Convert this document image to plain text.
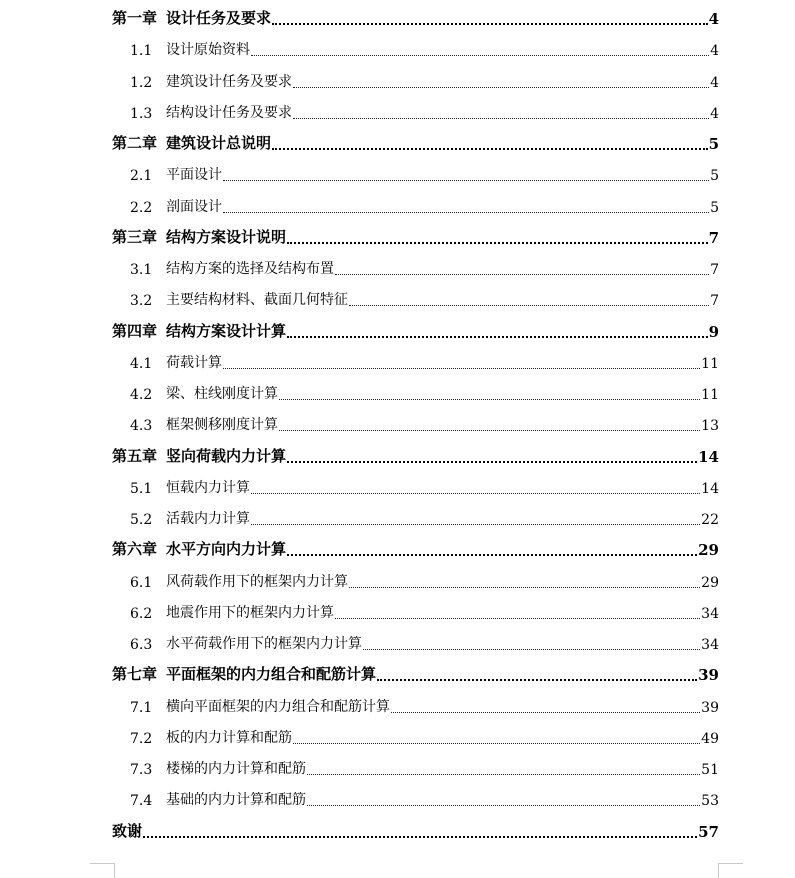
第一章 设计任务及要求	4
1.1 设计原始资料	4
1.2 建筑设计任务及要求	4
1.3 结构设计任务及要求	4
第二章 建筑设计总说明	5
2.1 平面设计	5
2.2 剖面设计	5
第三章 结构方案设计说明	7
3.1 结构方案的选择及结构布置	7
3.2 主要结构材料、截面几何特征	7
第四章 结构方案设计计算	9
4.1 荷载计算	11
4.2 梁、柱线刚度计算	11
4.3 框架侧移刚度计算	13
第五章 竖向荷载内力计算	14
5.1 恒载内力计算	14
5.2 活载内力计算	22
第六章 水平方向内力计算	29
6.1 风荷载作用下的框架内力计算	29
6.2 地震作用下的框架内力计算	34
6.3 水平荷载作用下的框架内力计算	34
第七章 平面框架的内力组合和配筋计算	39
7.1 横向平面框架的内力组合和配筋计算	39
7.2 板的内力计算和配筋	49
7.3 楼梯的内力计算和配筋	51
7.4 基础的内力计算和配筋	53
致谢	57
